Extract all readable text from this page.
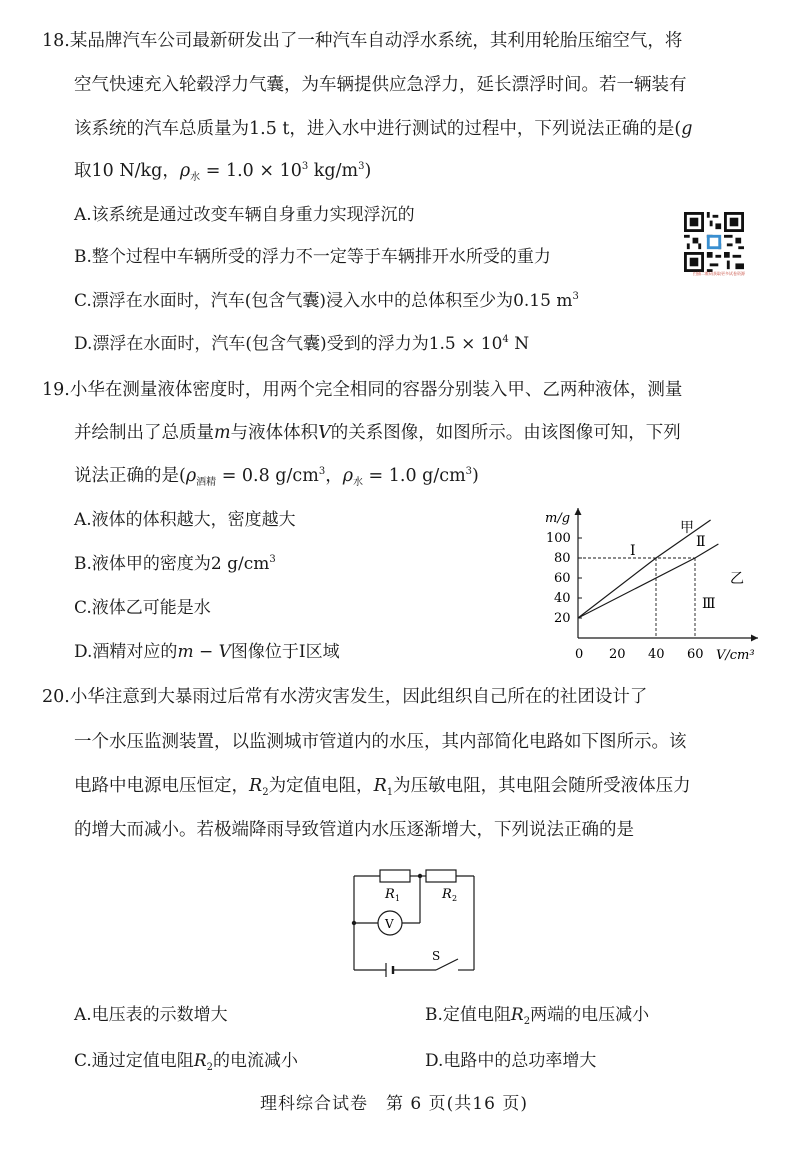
18.某品牌汽车公司最新研发出了一种汽车自动浮水系统，其利用轮胎压缩空气，将
空气快速充入轮毂浮力气囊，为车辆提供应急浮力，延长漂浮时间。若一辆装有
该系统的汽车总质量为1.5 t，进入水中进行测试的过程中，下列说法正确的是(g
取10 N/kg，$\rho_水 = 1.0 \times 10^3$ $kg/m^3$)
A.该系统是通过改变车辆自身重力实现浮沉的
B.整个过程中车辆所受的浮力不一定等于车辆排开水所受的重力
C.漂浮在水面时，汽车(包含气囊)浸入水中的总体积至少为0.15 $m^3$
D.漂浮在水面时，汽车(包含气囊)受到的浮力为$1.5 \times 10^4$ N
扫描二维码获取更多试卷资源
19.小华在测量液体密度时，用两个完全相同的容器分别装入甲、乙两种液体，测量
并绘制出了总质量m与液体体积V的关系图像，如图所示。由该图像可知，下列
说法正确的是($\rho_{酒精} = 0.8$ $g/cm^3$，$\rho_水 = 1.0$ $g/cm^3$)
A.液体的体积越大，密度越大
B.液体甲的密度为2 $g/cm^3$
C.液体乙可能是水
D.酒精对应的m − V图像位于Ⅰ区域	0 20 40 60
20
40
60
80
100
甲
乙
m/g
V/cm³
Ⅰ
Ⅱ
Ⅲ
20.小华注意到大暴雨过后常有水涝灾害发生，因此组织自己所在的社团设计了
一个水压监测装置，以监测城市管道内的水压，其内部简化电路如下图所示。该
电路中电源电压恒定，$R_2$为定值电阻，$R_1$为压敏电阻，其电阻会随所受液体压力
的增大而减小。若极端降雨导致管道内水压逐渐增大，下列说法正确的是
R 1	R 2
V
S
A.电压表的示数增大	B.定值电阻$R_2$两端的电压减小
C.通过定值电阻$R_2$的电流减小	D.电路中的总功率增大
理科综合试卷　第 6 页(共16 页)
